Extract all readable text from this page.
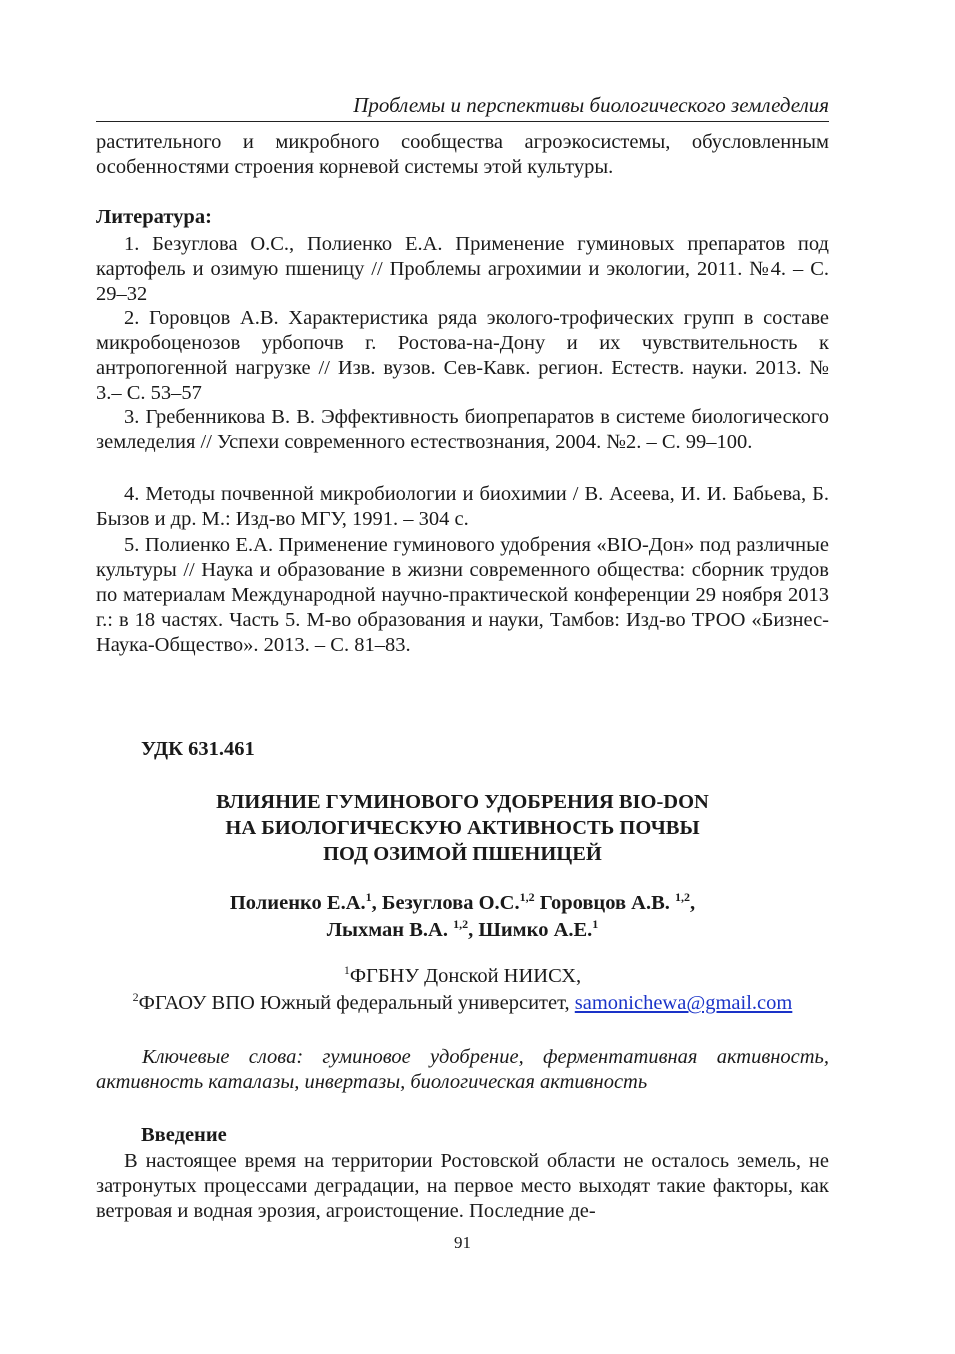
Проблемы и перспективы биологического земледелия

растительного и микробного сообщества агроэкосистемы, обусловленным особенностями строения корневой системы этой культуры.

Литература:

1. Безуглова О.С., Полиенко Е.А. Применение гуминовых препаратов под картофель и озимую пшеницу // Проблемы агрохимии и экологии, 2011. №4. – С. 29–32

2. Горовцов А.В. Характеристика ряда эколого-трофических групп в составе микробоценозов урбопочв г. Ростова-на-Дону и их чувствительность к антропогенной нагрузке // Изв. вузов. Сев-Кавк. регион. Естеств. науки. 2013. № 3.– С. 53–57

3. Гребенникова В. В. Эффективность биопрепаратов в системе биологического земледелия // Успехи современного естествознания, 2004. №2. – С. 99–100.

4. Методы почвенной микробиологии и биохимии / В. Асеева, И. И. Бабьева, Б. Бызов и др. М.: Изд-во МГУ, 1991. – 304 с.

5. Полиенко Е.А. Применение гуминового удобрения «BIO-Дон» под различные культуры // Наука и образование в жизни современного общества: сборник трудов по материалам Международной научно-практической конференции 29 ноября 2013 г.: в 18 частях. Часть 5. М-во образования и науки, Тамбов: Изд-во ТРОО «Бизнес-Наука-Общество». 2013. – С. 81–83.

УДК 631.461
ВЛИЯНИЕ ГУМИНОВОГО УДОБРЕНИЯ BIO-DON
НА БИОЛОГИЧЕСКУЮ АКТИВНОСТЬ ПОЧВЫ
ПОД ОЗИМОЙ ПШЕНИЦЕЙ
Полиенко Е.А.$^1$, Безуглова О.С.$^{1,2}$ Горовцов А.В. $^{1,2}$,
Лыхман В.А. $^{1,2}$, Шимко А.Е.$^1$
$^1$ФГБНУ Донской НИИСХ,
$^2$ФГАОУ ВПО Южный федеральный университет, samonichewa@gmail.com

Ключевые слова: гуминовое удобрение, ферментативная активность, активность каталазы, инвертазы, биологическая активность

Введение

В настоящее время на территории Ростовской области не осталось земель, не затронутых процессами деградации, на первое место выходят такие факторы, как ветровая и водная эрозия, агроистощение. Последние де-

91
